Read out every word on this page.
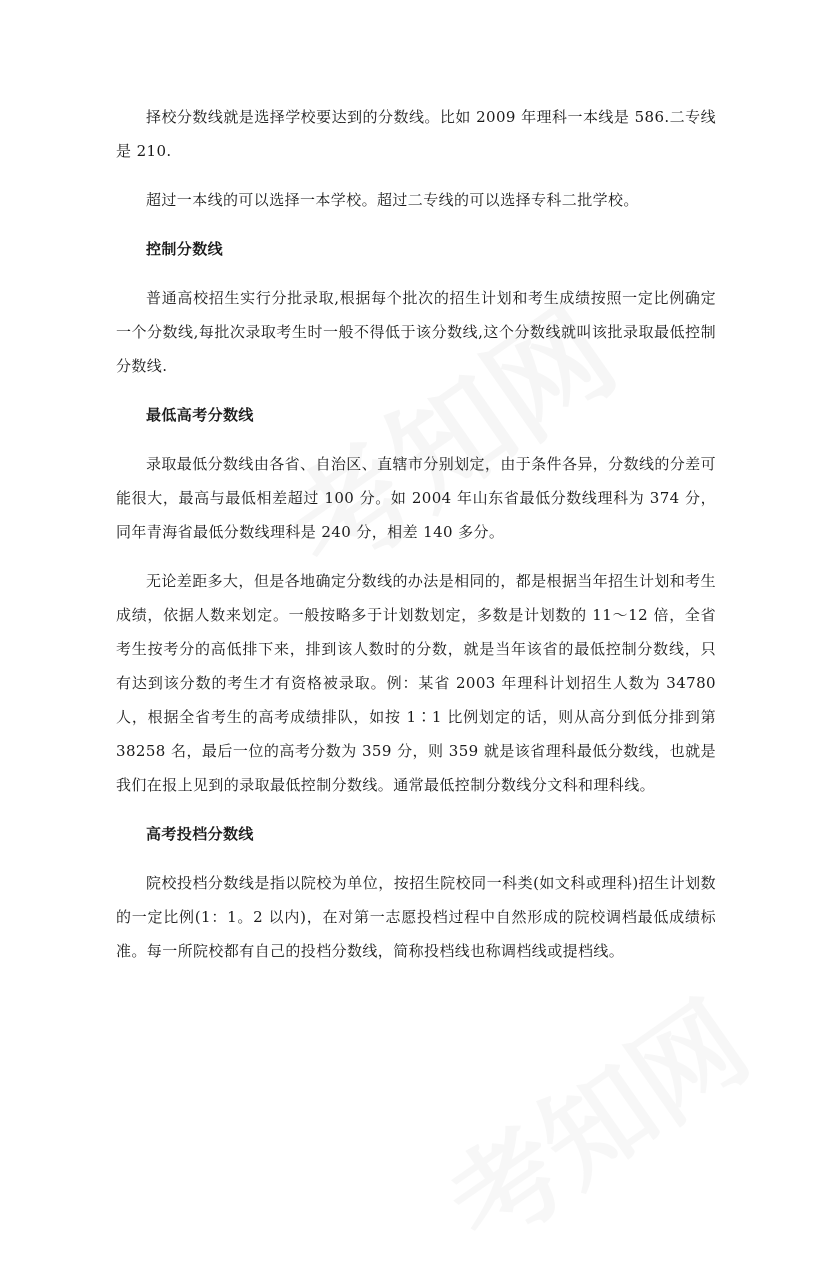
择校分数线就是选择学校要达到的分数线。比如 2009 年理科一本线是 586.二专线是 210.

超过一本线的可以选择一本学校。超过二专线的可以选择专科二批学校。

控制分数线

普通高校招生实行分批录取,根据每个批次的招生计划和考生成绩按照一定比例确定一个分数线,每批次录取考生时一般不得低于该分数线,这个分数线就叫该批录取最低控制分数线.

最低高考分数线

录取最低分数线由各省、自治区、直辖市分别划定，由于条件各异，分数线的分差可能很大，最高与最低相差超过 100 分。如 2004 年山东省最低分数线理科为 374 分，同年青海省最低分数线理科是 240 分，相差 140 多分。

无论差距多大，但是各地确定分数线的办法是相同的，都是根据当年招生计划和考生成绩，依据人数来划定。一般按略多于计划数划定，多数是计划数的 11～12 倍，全省考生按考分的高低排下来，排到该人数时的分数，就是当年该省的最低控制分数线，只有达到该分数的考生才有资格被录取。例：某省 2003 年理科计划招生人数为 34780 人，根据全省考生的高考成绩排队，如按 1∶1 比例划定的话，则从高分到低分排到第 38258 名，最后一位的高考分数为 359 分，则 359 就是该省理科最低分数线，也就是我们在报上见到的录取最低控制分数线。通常最低控制分数线分文科和理科线。

高考投档分数线

院校投档分数线是指以院校为单位，按招生院校同一科类(如文科或理科)招生计划数的一定比例(1：1。2 以内)，在对第一志愿投档过程中自然形成的院校调档最低成绩标准。每一所院校都有自己的投档分数线，简称投档线也称调档线或提档线。
